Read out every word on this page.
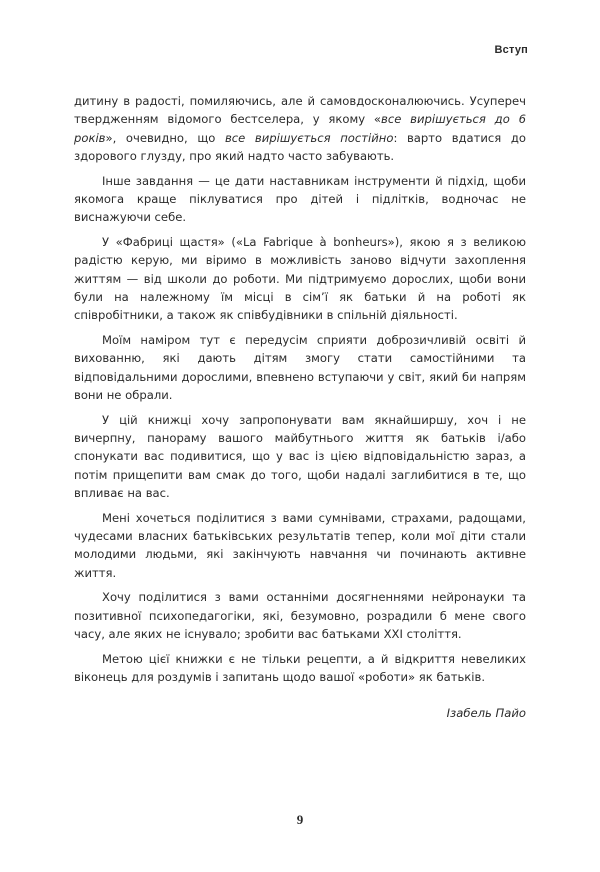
Вступ

дитину в радості, помиляючись, але й самовдосконалюючись. Усупереч твердженням відомого бестселера, у якому «все вирішується до 6 років», очевидно, що все вирішується постійно: варто вдатися до здорового глузду, про який надто часто забувають.

Інше завдання — це дати наставникам інструменти й підхід, щоби якомога краще піклуватися про дітей і підлітків, водночас не виснажуючи себе.

У «Фабриці щастя» («La Fabrique à bonheurs»), якою я з великою радістю керую, ми віримо в можливість заново відчути захоплення життям — від школи до роботи. Ми підтримуємо дорослих, щоби вони були на належному їм місці в сім’ї як батьки й на роботі як співробітники, а також як співбудівники в спільній діяльності.

Моїм наміром тут є передусім сприяти доброзичливій освіті й вихованню, які дають дітям змогу стати самостійними та відповідальними дорослими, впевнено вступаючи у світ, який би напрям вони не обрали.

У цій книжці хочу запропонувати вам якнайширшу, хоч і не вичерпну, панораму вашого майбутнього життя як батьків і/або спонукати вас подивитися, що у вас із цією відповідальністю зараз, а потім прищепити вам смак до того, щоби надалі заглибитися в те, що впливає на вас.

Мені хочеться поділитися з вами сумнівами, страхами, радощами, чудесами власних батьківських результатів тепер, коли мої діти стали молодими людьми, які закінчують навчання чи починають активне життя.

Хочу поділитися з вами останніми досягненнями нейронауки та позитивної психопедагогіки, які, безумовно, розрадили б мене свого часу, але яких не існувало; зробити вас батьками XXI століття.

Метою цієї книжки є не тільки рецепти, а й відкриття невеликих віконець для роздумів і запитань щодо вашої «роботи» як батьків.

Ізабель Пайо
9
